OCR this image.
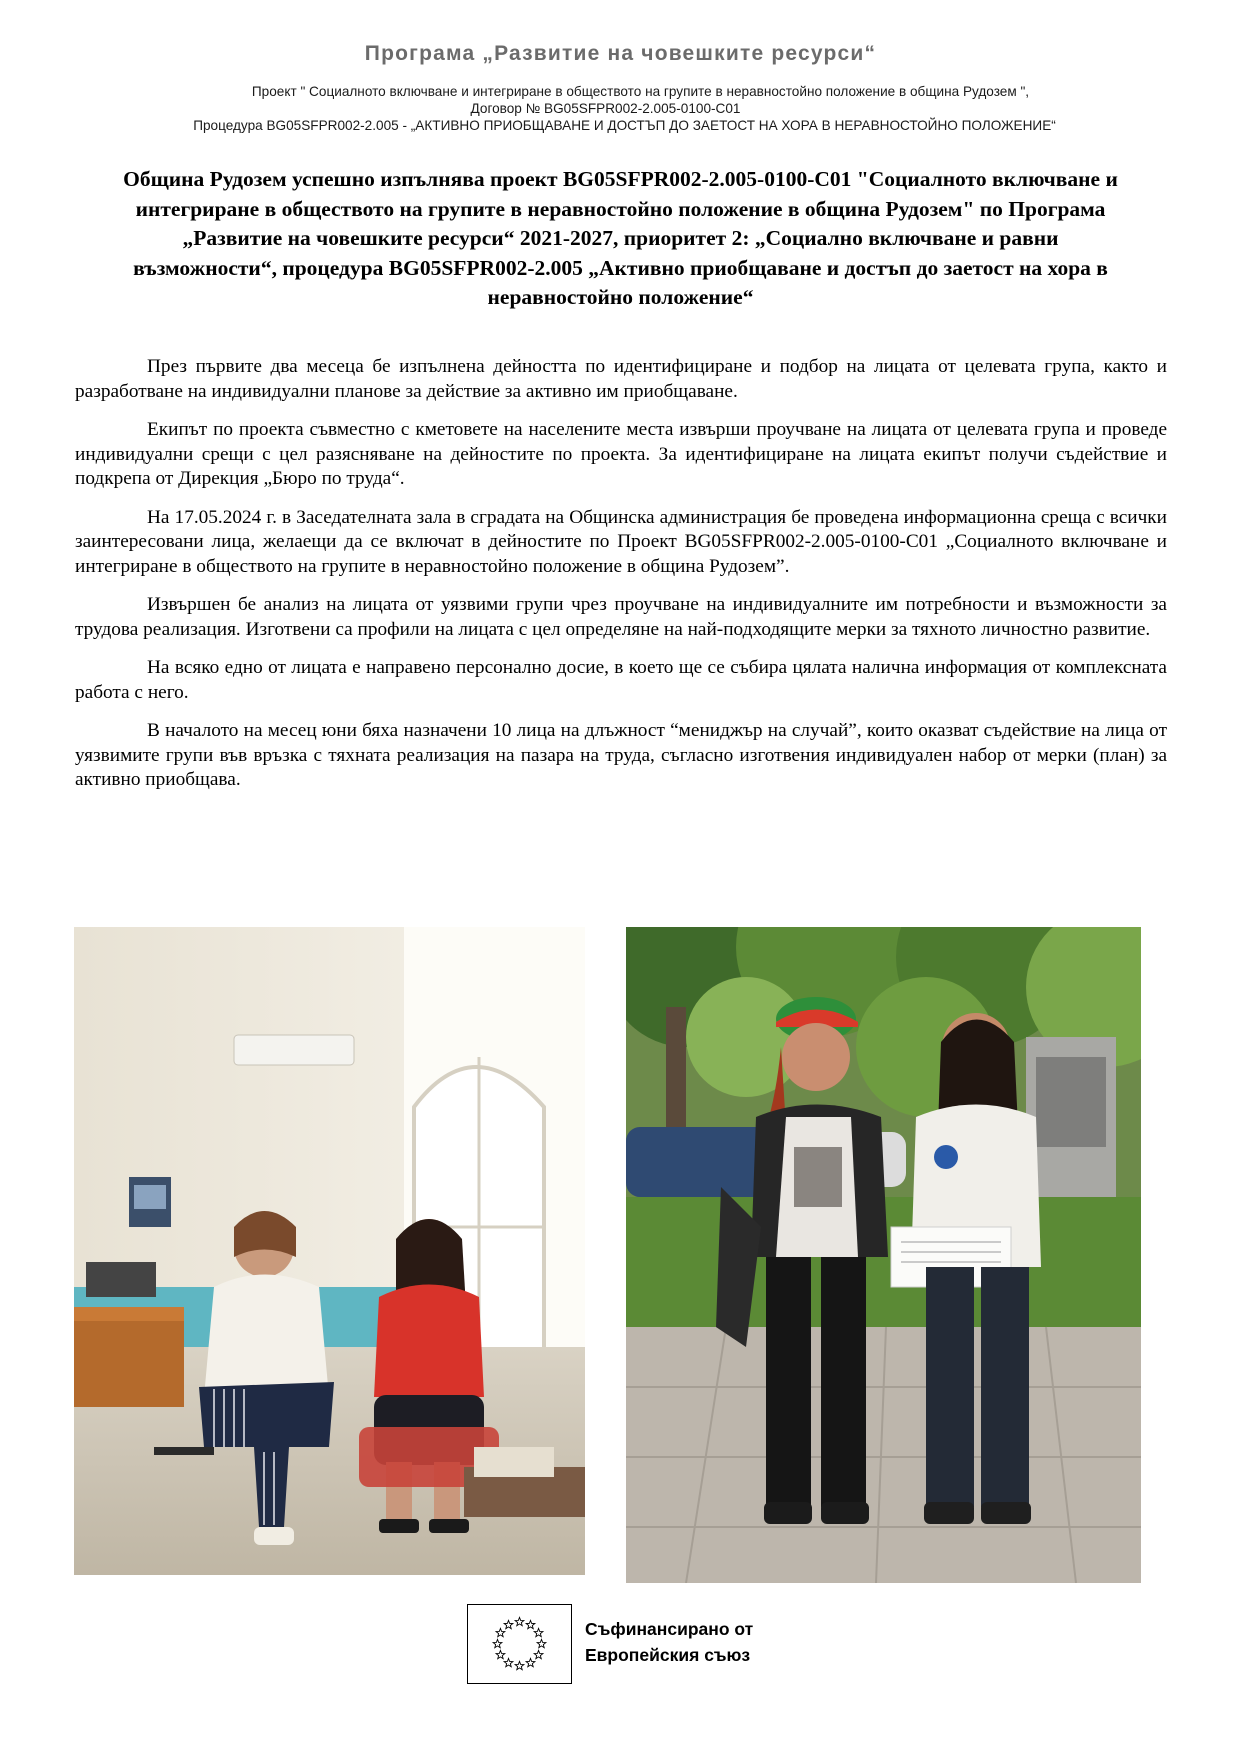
Програма „Развитие на човешките ресурси“
Проект " Социалното включване и интегриране в обществото на групите в неравностойно положение в община Рудозем ",
Договор № BG05SFPR002-2.005-0100-С01
Процедура BG05SFPR002-2.005 - „АКТИВНО ПРИОБЩАВАНЕ И ДОСТЪП ДО ЗАЕТОСТ НА ХОРА В НЕРАВНОСТОЙНО ПОЛОЖЕНИЕ“
Община Рудозем успешно изпълнява проект BG05SFPR002-2.005-0100-С01 "Социалното включване и интегриране в обществото на групите в неравностойно положение в община Рудозем" по Програма „Развитие на човешките ресурси“ 2021-2027, приоритет 2: „Социално включване и равни възможности“, процедура BG05SFPR002-2.005 „Активно приобщаване и достъп до заетост на хора в неравностойно положение“

През първите два месеца бе изпълнена дейността по идентифициране и подбор на лицата от целевата група, както и разработване на индивидуални планове за действие за активно им приобщаване.

Екипът по проекта съвместно с кметовете на населените места извърши проучване на лицата от целевата група и проведе индивидуални срещи с цел разясняване на дейностите по проекта. За идентифициране на лицата екипът получи съдействие и подкрепа от Дирекция „Бюро по труда“.

На 17.05.2024 г. в Заседателната зала в сградата на Общинска администрация бе проведена информационна среща с всички заинтересовани лица, желаещи да се включат в дейностите по Проект BG05SFPR002-2.005-0100-С01 „Социалното включване и интегриране в обществото на групите в неравностойно положение в община Рудозем”.

Извършен бе анализ на лицата от уязвими групи чрез проучване на индивидуалните им потребности и възможности за трудова реализация. Изготвени са профили на лицата с цел определяне на най-подходящите мерки за тяхното личностно развитие.

На всяко едно от лицата е направено персонално досие, в което ще се събира цялата налична информация от комплексната работа с него.

В началото на месец юни бяха назначени 10 лица на длъжност “мениджър на случай”, които оказват съдействие на лица от уязвимите групи във връзка с тяхната реализация на пазара на труда, съгласно изготвения индивидуален набор от мерки (план) за активно приобщава.

Съфинансирано от
Европейския съюз
